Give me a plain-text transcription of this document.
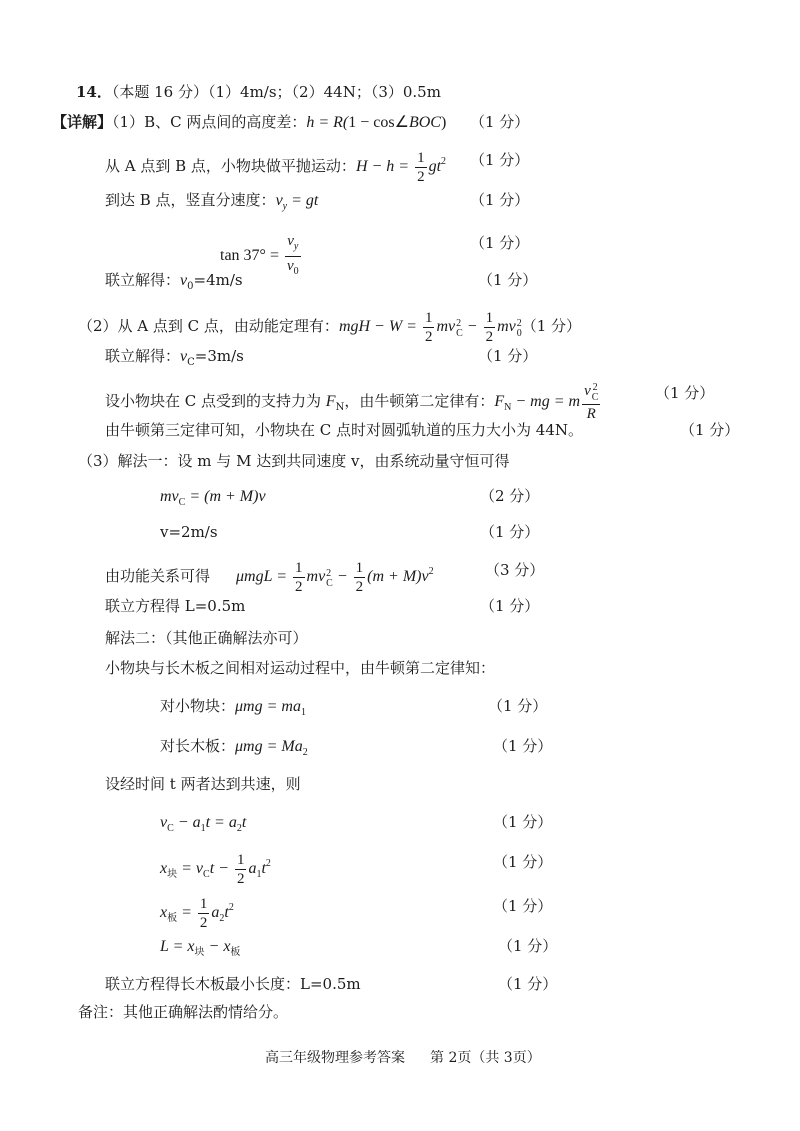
14．（本题 16 分）（1）4m/s；（2）44N；（3）0.5m
【详解】（1）B、C 两点间的高度差：h = R(1 − cos∠BOC) （1 分）
从 A 点到 B 点，小物块做平抛运动：$H - h = \frac{1}{2} gt^2$ （1 分）
到达 B 点，竖直分速度：$v_y$ = gt	（1 分）
$\tan 37^\circ = \frac{v_y}{v_0}$	（1 分）
联立解得：$v_0=4m/s$	（1 分）
（2）从 A 点到 C 点，由动能定理有：mgH − $W = \frac{1}{2}$ mv 2
$C - \frac{1}{2}$ mv 2
0 （1 分）
联立解得：$v_C=3m/s$	（1 分）
设小物块在 C 点受到的支持力为 $F_N$，由牛顿第二定律有：$F_N$ − mg = m v 2
C
R	（1 分）
由牛顿第三定律可知，小物块在 C 点时对圆弧轨道的压力大小为 44N。	（1 分）
（3）解法一：设 m 与 M 达到共同速度 v，由系统动量守恒可得
$mv_C = (m + M)v$	（2 分）
v=2m/s	（1 分）
由功能关系可得 $\mu mgL = \frac{1}{2}$ mv 2
$C - \frac{1}{2} (m + M)v^2$	（3 分）
联立方程得 L=0.5m	（1 分）
解法二：（其他正确解法亦可）
小物块与长木板之间相对运动过程中，由牛顿第二定律知：
对小物块：$\mu mg = ma_1$	（1 分）
对长木板：$\mu mg = Ma_2$	（1 分）
设经时间 t 两者达到共速，则
$v_C - a_1t = a_2t$	（1 分）
$x_块 = v_Ct - \frac{1}{2} a_1t^2$	（1 分）
$x_板 = \frac{1}{2} a_2t^2$	（1 分）
$L = x_块 - x_板$	（1 分）
联立方程得长木板最小长度：L=0.5m	（1 分）
备注：其他正确解法酌情给分。
高三年级物理参考答案 第 2页（共 3页）
